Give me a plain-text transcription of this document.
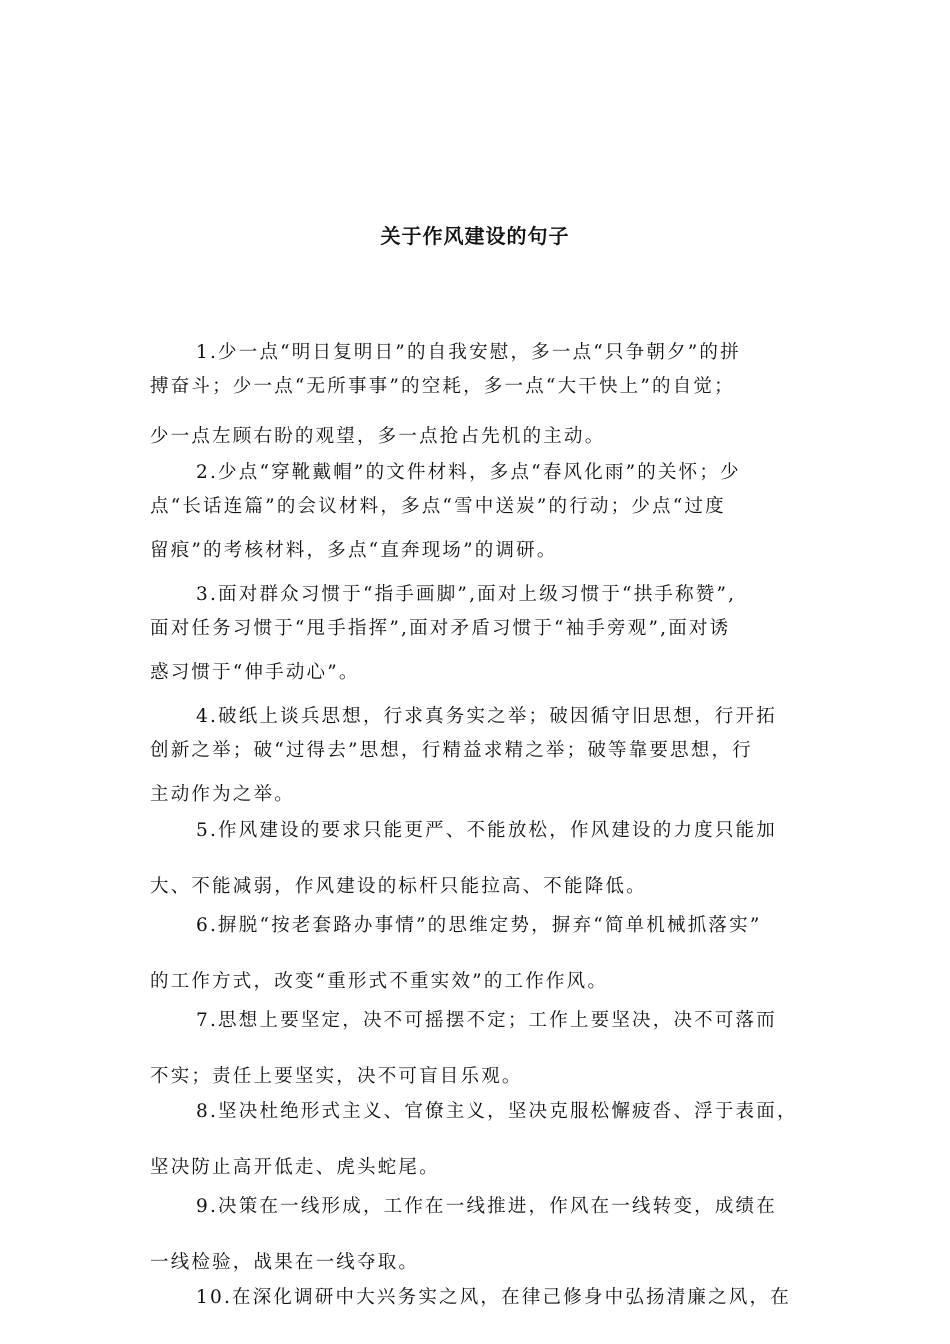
关于作风建设的句子

1.少一点“明日复明日”的自我安慰，多一点“只争朝夕”的拼
搏奋斗；少一点“无所事事”的空耗，多一点“大干快上”的自觉；
少一点左顾右盼的观望，多一点抢占先机的主动。

2.少点“穿靴戴帽”的文件材料，多点“春风化雨”的关怀；少
点“长话连篇”的会议材料，多点“雪中送炭”的行动；少点“过度
留痕”的考核材料，多点“直奔现场”的调研。

3.面对群众习惯于“指手画脚”,面对上级习惯于“拱手称赞”,
面对任务习惯于“甩手指挥”,面对矛盾习惯于“袖手旁观”,面对诱
惑习惯于“伸手动心”。

4.破纸上谈兵思想，行求真务实之举；破因循守旧思想，行开拓
创新之举；破“过得去”思想，行精益求精之举；破等靠要思想，行
主动作为之举。

5.作风建设的要求只能更严、不能放松，作风建设的力度只能加
大、不能减弱，作风建设的标杆只能拉高、不能降低。

6.摒脱“按老套路办事情”的思维定势，摒弃“简单机械抓落实”
的工作方式，改变“重形式不重实效”的工作作风。

7.思想上要坚定，决不可摇摆不定；工作上要坚决，决不可落而
不实；责任上要坚实，决不可盲目乐观。

8.坚决杜绝形式主义、官僚主义，坚决克服松懈疲沓、浮于表面，
坚决防止高开低走、虎头蛇尾。

9.决策在一线形成，工作在一线推进，作风在一线转变，成绩在
一线检验，战果在一线夺取。

10.在深化调研中大兴务实之风，在律己修身中弘扬清廉之风，在
